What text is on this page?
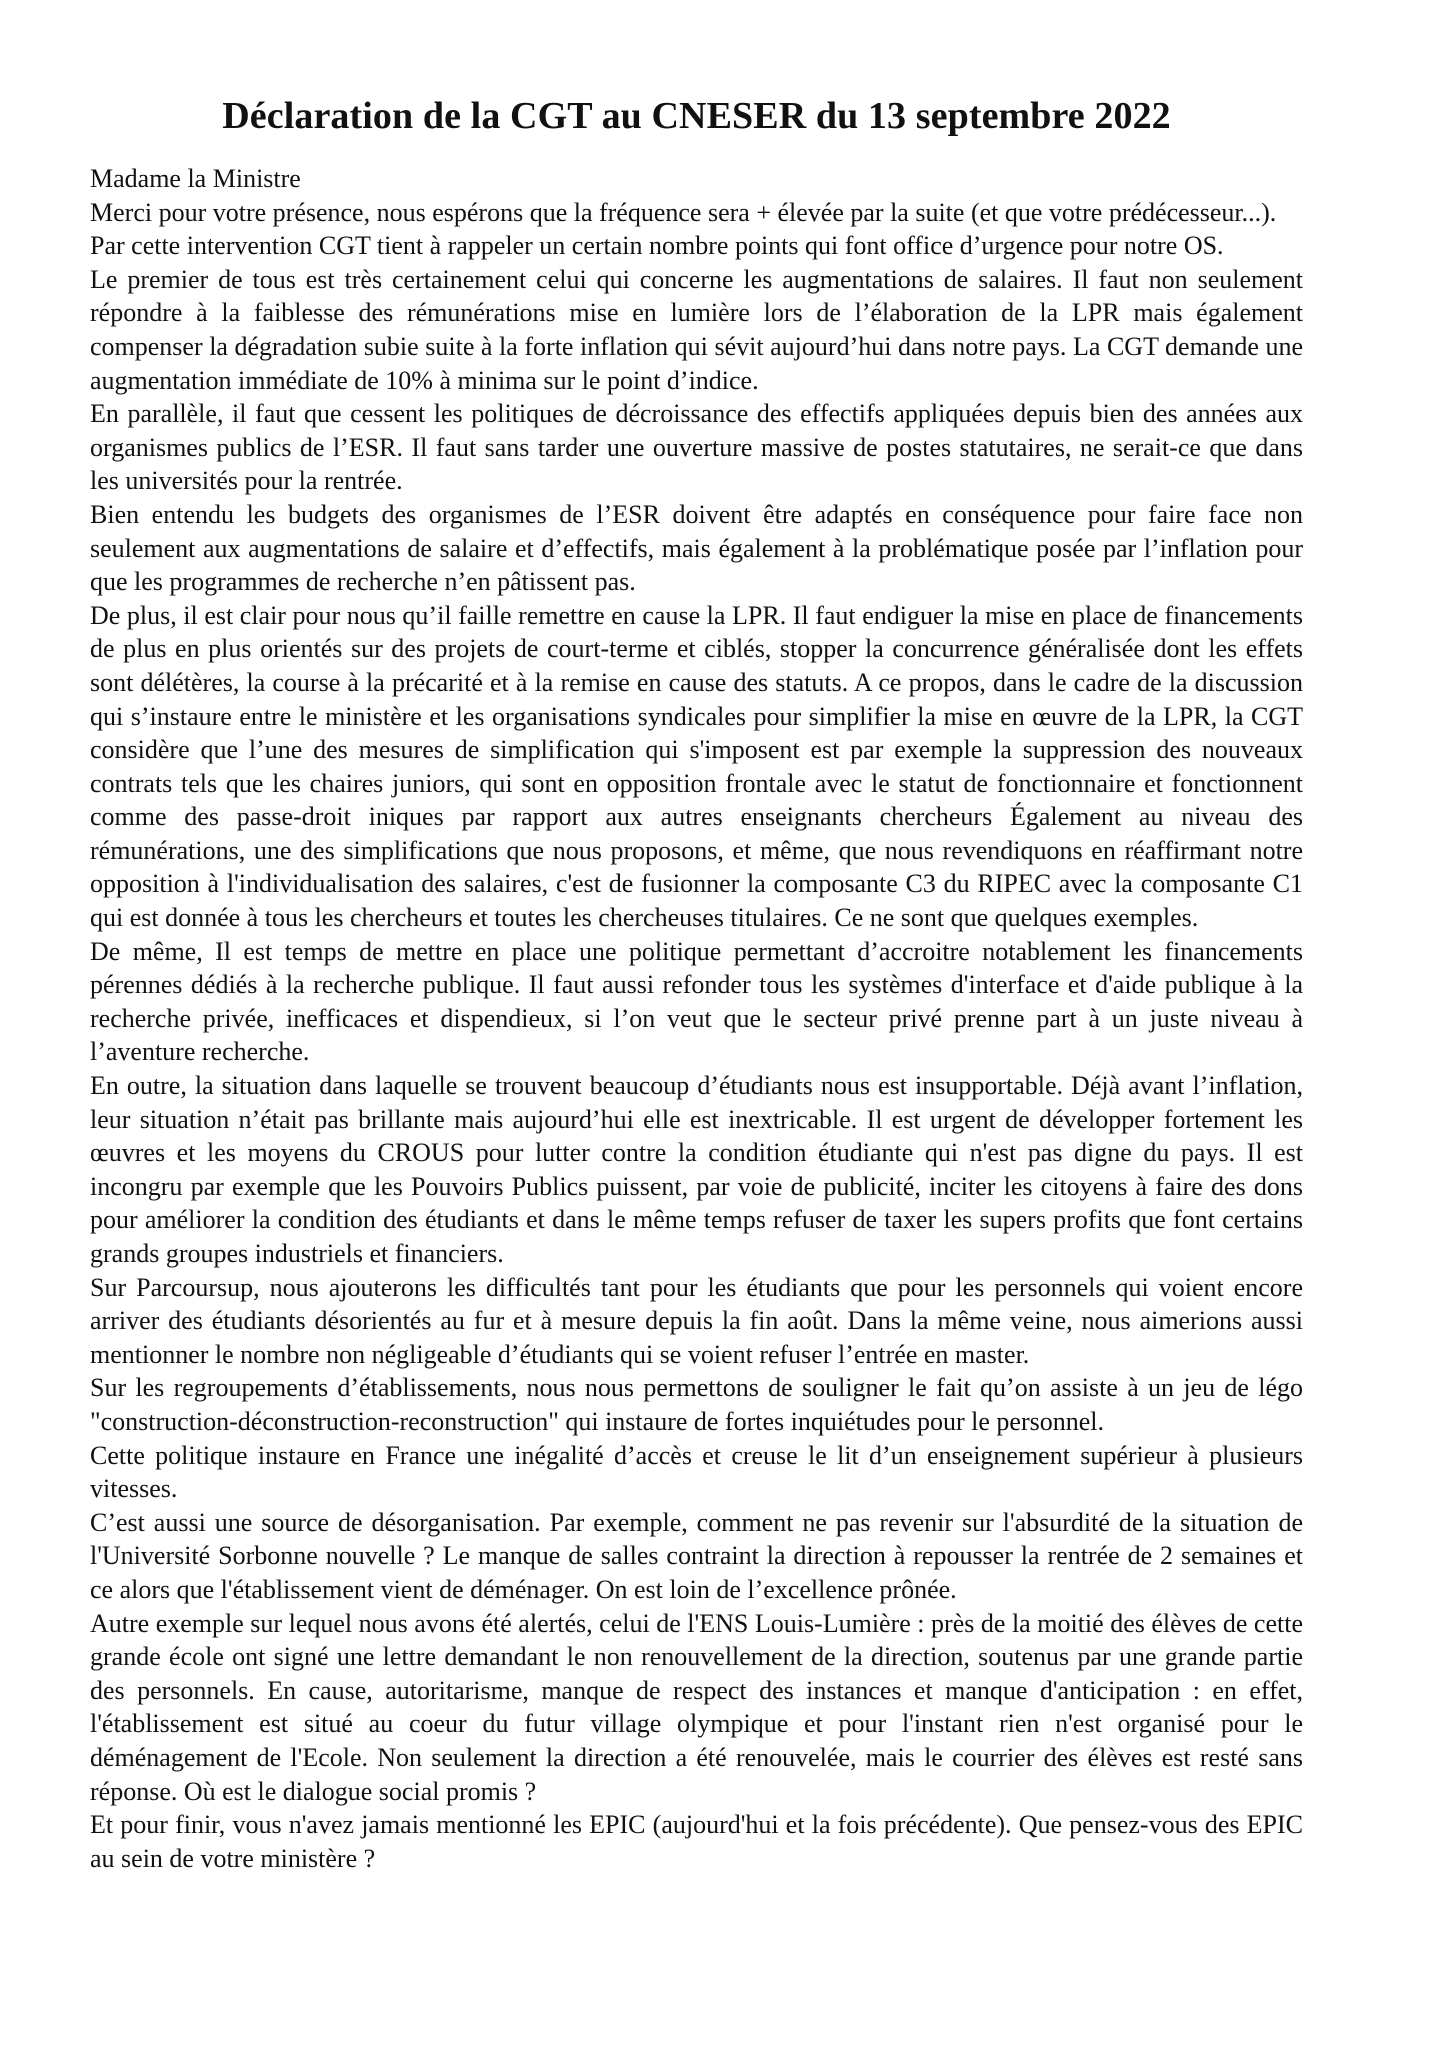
Déclaration de la CGT au CNESER du 13 septembre 2022

Madame la Ministre

Merci pour votre présence, nous espérons que la fréquence sera + élevée par la suite (et que votre prédécesseur...).

Par cette intervention CGT tient à rappeler un certain nombre points qui font office d’urgence pour notre OS.

Le premier de tous est très certainement celui qui concerne les augmentations de salaires. Il faut non seulement répondre à la faiblesse des rémunérations mise en lumière lors de l’élaboration de la LPR mais également compenser la dégradation subie suite à la forte inflation qui sévit aujourd’hui dans notre pays. La CGT demande une augmentation immédiate de 10% à minima sur le point d’indice.

En parallèle, il faut que cessent les politiques de décroissance des effectifs appliquées depuis bien des années aux organismes publics de l’ESR. Il faut sans tarder une ouverture massive de postes statutaires, ne serait-ce que dans les universités pour la rentrée.

Bien entendu les budgets des organismes de l’ESR doivent être adaptés en conséquence pour faire face non seulement aux augmentations de salaire et d’effectifs, mais également à la problématique posée par l’inflation pour que les programmes de recherche n’en pâtissent pas.

De plus, il est clair pour nous qu’il faille remettre en cause la LPR. Il faut endiguer la mise en place de financements de plus en plus orientés sur des projets de court-terme et ciblés, stopper la concurrence généralisée dont les effets sont délétères, la course à la précarité et à la remise en cause des statuts. A ce propos, dans le cadre de la discussion qui s’instaure entre le ministère et les organisations syndicales pour simplifier la mise en œuvre de la LPR, la CGT considère que l’une des mesures de simplification qui s'imposent est par exemple la suppression des nouveaux contrats tels que les chaires juniors, qui sont en opposition frontale avec le statut de fonctionnaire et fonctionnent comme des passe-droit iniques par rapport aux autres enseignants chercheurs Également au niveau des rémunérations, une des simplifications que nous proposons, et même, que nous revendiquons en réaffirmant notre opposition à l'individualisation des salaires, c'est de fusionner la composante C3 du RIPEC avec la composante C1 qui est donnée à tous les chercheurs et toutes les chercheuses titulaires. Ce ne sont que quelques exemples.

De même, Il est temps de mettre en place une politique permettant d’accroitre notablement les financements pérennes dédiés à la recherche publique. Il faut aussi refonder tous les systèmes d'interface et d'aide publique à la recherche privée, inefficaces et dispendieux, si l’on veut que le secteur privé prenne part à un juste niveau à l’aventure recherche.

En outre, la situation dans laquelle se trouvent beaucoup d’étudiants nous est insupportable. Déjà avant l’inflation, leur situation n’était pas brillante mais aujourd’hui elle est inextricable. Il est urgent de développer fortement les œuvres et les moyens du CROUS pour lutter contre la condition étudiante qui n'est pas digne du pays. Il est incongru par exemple que les Pouvoirs Publics puissent, par voie de publicité, inciter les citoyens à faire des dons pour améliorer la condition des étudiants et dans le même temps refuser de taxer les supers profits que font certains grands groupes industriels et financiers.

Sur Parcoursup, nous ajouterons les difficultés tant pour les étudiants que pour les personnels qui voient encore arriver des étudiants désorientés au fur et à mesure depuis la fin août. Dans la même veine, nous aimerions aussi mentionner le nombre non négligeable d’étudiants qui se voient refuser l’entrée en master.

Sur les regroupements d’établissements, nous nous permettons de souligner le fait qu’on assiste à un jeu de légo "construction-déconstruction-reconstruction" qui instaure de fortes inquiétudes pour le personnel.

Cette politique instaure en France une inégalité d’accès et creuse le lit d’un enseignement supérieur à plusieurs vitesses.

C’est aussi une source de désorganisation. Par exemple, comment ne pas revenir sur l'absurdité de la situation de l'Université Sorbonne nouvelle ? Le manque de salles contraint la direction à repousser la rentrée de 2 semaines et ce alors que l'établissement vient de déménager. On est loin de l’excellence prônée.

Autre exemple sur lequel nous avons été alertés, celui de l'ENS Louis-Lumière : près de la moitié des élèves de cette grande école ont signé une lettre demandant le non renouvellement de la direction, soutenus par une grande partie des personnels. En cause, autoritarisme, manque de respect des instances et manque d'anticipation : en effet, l'établissement est situé au coeur du futur village olympique et pour l'instant rien n'est organisé pour le déménagement de l'Ecole. Non seulement la direction a été renouvelée, mais le courrier des élèves est resté sans réponse. Où est le dialogue social promis ?

Et pour finir, vous n'avez jamais mentionné les EPIC (aujourd'hui et la fois précédente). Que pensez-vous des EPIC au sein de votre ministère ?
